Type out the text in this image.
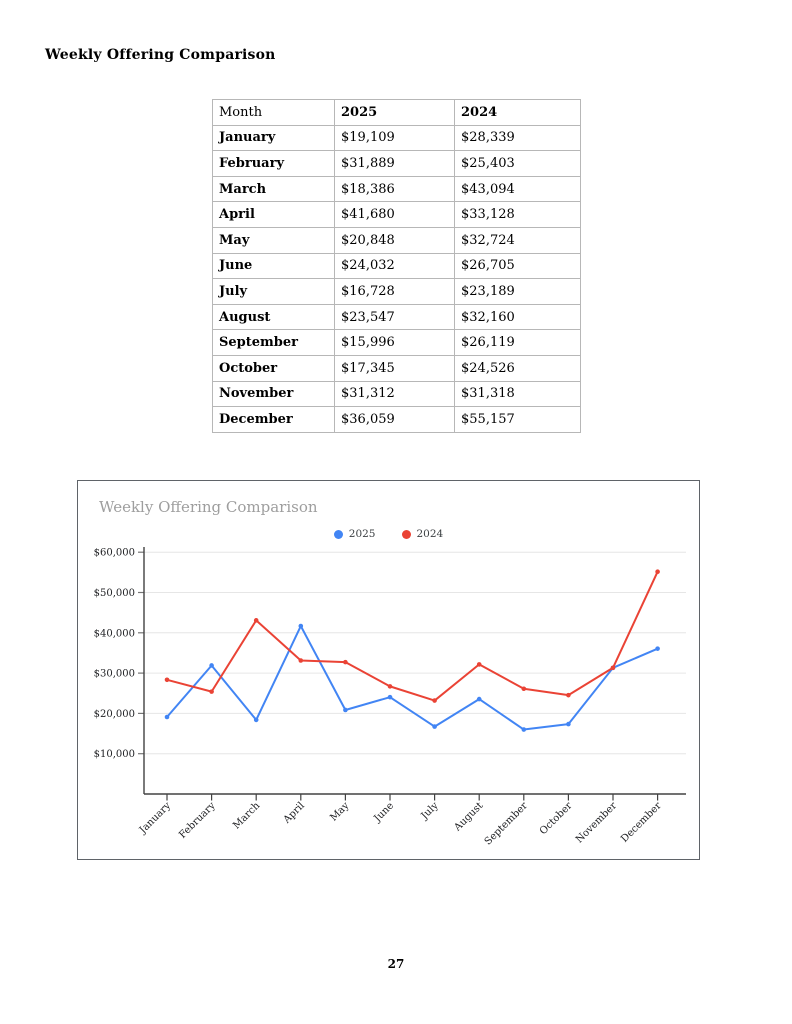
Weekly Offering Comparison
Month	2025	2024
January	$19,109	$28,339
February	$31,889	$25,403
March	$18,386	$43,094
April	$41,680	$33,128
May	$20,848	$32,724
June	$24,032	$26,705
July	$16,728	$23,189
August	$23,547	$32,160
September	$15,996	$26,119
October	$17,345	$24,526
November	$31,312	$31,318
December	$36,059	$55,157
Weekly Offering Comparison
2025	2024
$10,000
$20,000
$30,000
$40,000
$50,000
$60,000
January February March April May June July August
September October November December
27
